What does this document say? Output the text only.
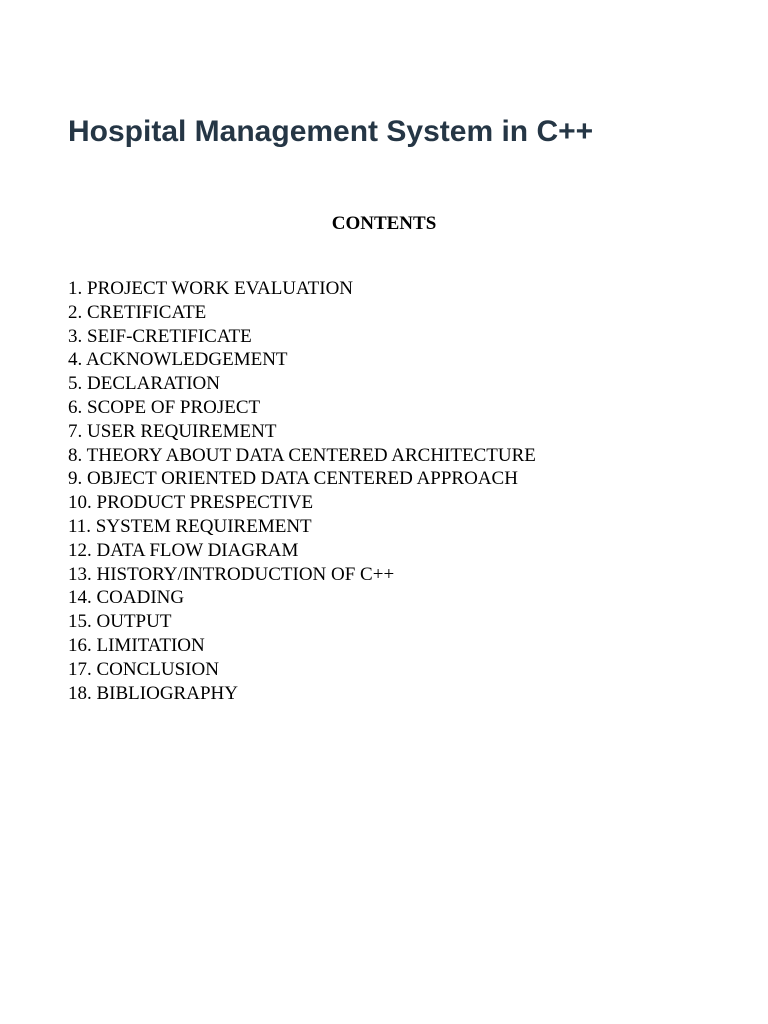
Hospital Management System in C++
CONTENTS
1. PROJECT WORK EVALUATION
2. CRETIFICATE
3. SEIF-CRETIFICATE
4. ACKNOWLEDGEMENT
5. DECLARATION
6. SCOPE OF PROJECT
7. USER REQUIREMENT
8. THEORY ABOUT DATA CENTERED ARCHITECTURE
9. OBJECT ORIENTED DATA CENTERED APPROACH
10. PRODUCT PRESPECTIVE
11. SYSTEM REQUIREMENT
12. DATA FLOW DIAGRAM
13. HISTORY/INTRODUCTION OF C++
14. COADING
15. OUTPUT
16. LIMITATION
17. CONCLUSION
18. BIBLIOGRAPHY
